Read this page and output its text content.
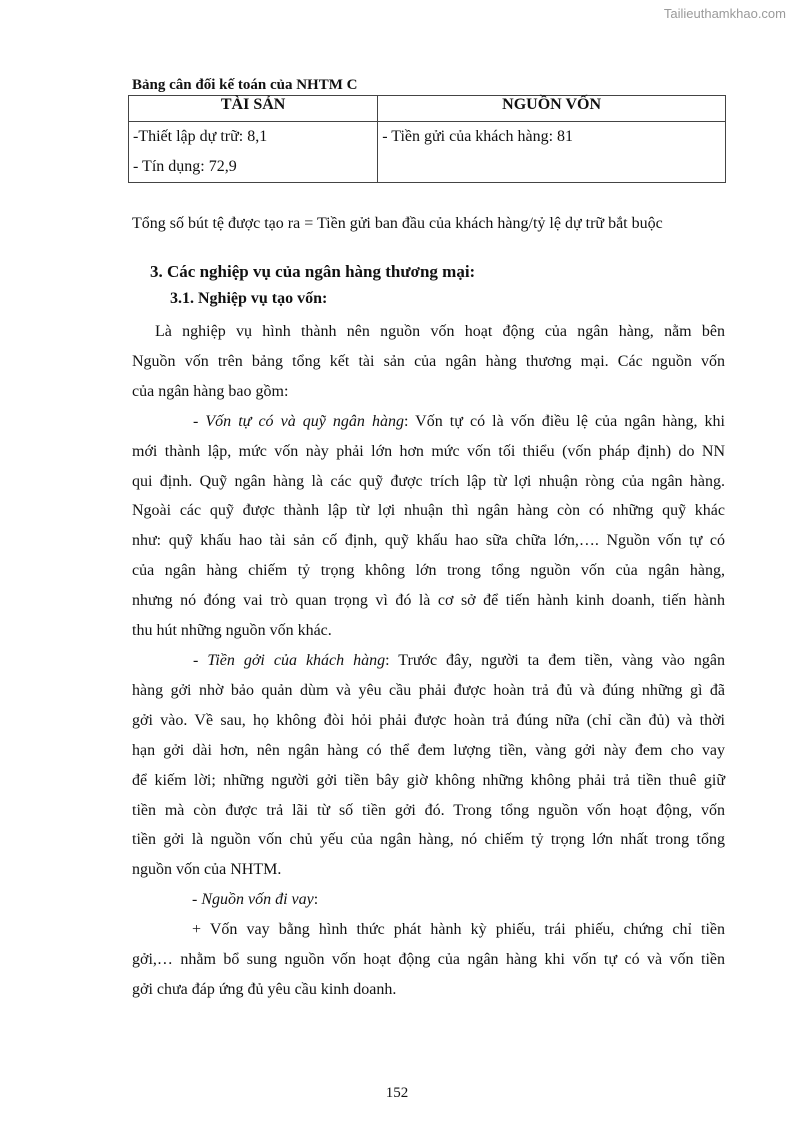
Tailieuthamkhao.com
Bảng cân đối kế toán của NHTM C
TÀI SẢN	NGUỒN VỐN

-Thiết lập dự trữ: 8,1
- Tín dụng: 72,9	- Tiền gửi của khách hàng: 81
Tổng số bút tệ được tạo ra = Tiền gửi ban đầu của khách hàng/tỷ lệ dự trữ bắt buộc
3. Các nghiệp vụ của ngân hàng thương mại:
3.1. Nghiệp vụ tạo vốn:
Là nghiệp vụ hình thành nên nguồn vốn hoạt động của ngân hàng, nằm bên
Nguồn vốn trên bảng tổng kết tài sản của ngân hàng thương mại. Các nguồn vốn
của ngân hàng bao gồm:
- Vốn tự có và quỹ ngân hàng: Vốn tự có là vốn điều lệ của ngân hàng, khi
mới thành lập, mức vốn này phải lớn hơn mức vốn tối thiểu (vốn pháp định) do NN
qui định. Quỹ ngân hàng là các quỹ được trích lập từ lợi nhuận ròng của ngân hàng.
Ngoài các quỹ được thành lập từ lợi nhuận thì ngân hàng còn có những quỹ khác
như: quỹ khấu hao tài sản cố định, quỹ khấu hao sữa chữa lớn,…. Nguồn vốn tự có
của ngân hàng chiếm tỷ trọng không lớn trong tổng nguồn vốn của ngân hàng,
nhưng nó đóng vai trò quan trọng vì đó là cơ sở để tiến hành kinh doanh, tiến hành
thu hút những nguồn vốn khác.
- Tiền gởi của khách hàng: Trước đây, người ta đem tiền, vàng vào ngân
hàng gởi nhờ bảo quản dùm và yêu cầu phải được hoàn trả đủ và đúng những gì đã
gởi vào. Về sau, họ không đòi hỏi phải được hoàn trả đúng nữa (chỉ cần đủ) và thời
hạn gởi dài hơn, nên ngân hàng có thể đem lượng tiền, vàng gởi này đem cho vay
để kiếm lời; những người gởi tiền bây giờ không những không phải trả tiền thuê giữ
tiền mà còn được trả lãi từ số tiền gởi đó. Trong tổng nguồn vốn hoạt động, vốn
tiền gởi là nguồn vốn chủ yếu của ngân hàng, nó chiếm tỷ trọng lớn nhất trong tổng
nguồn vốn của NHTM.
- Nguồn vốn đi vay:
+ Vốn vay bằng hình thức phát hành kỳ phiếu, trái phiếu, chứng chỉ tiền
gởi,… nhằm bổ sung nguồn vốn hoạt động của ngân hàng khi vốn tự có và vốn tiền
gởi chưa đáp ứng đủ yêu cầu kinh doanh.
152
